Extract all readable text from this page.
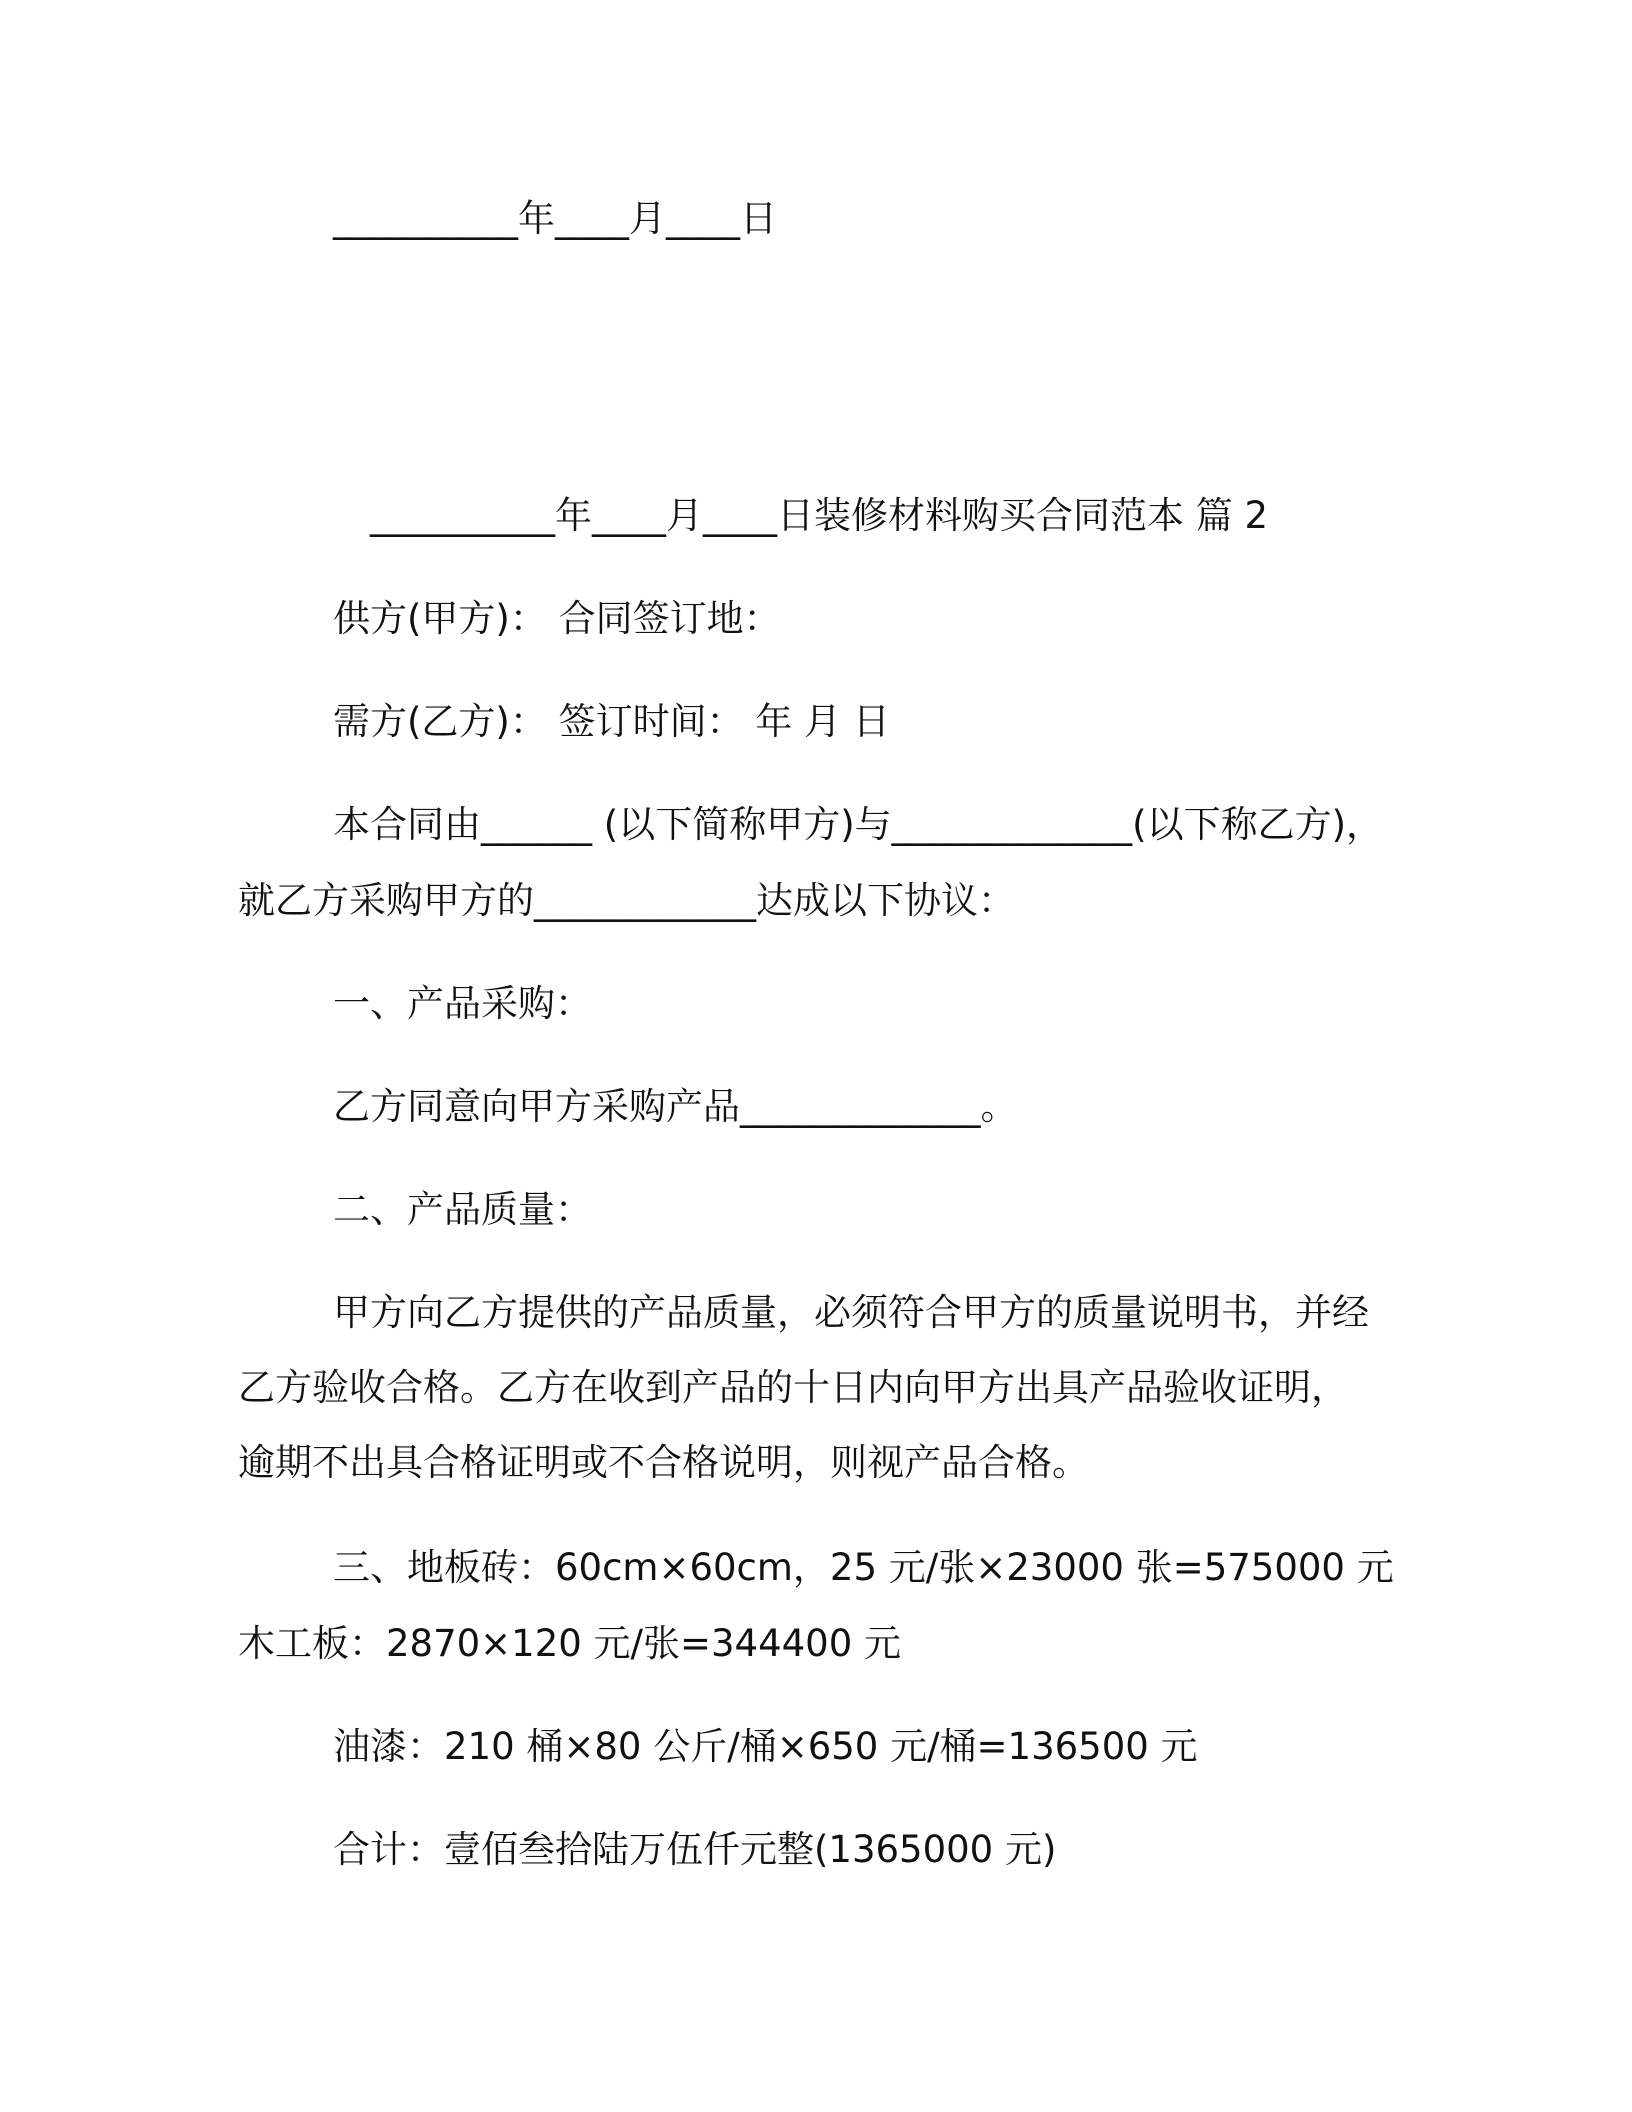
__________年____月____日
__________年____月____日装修材料购买合同范本 篇 2
供方(甲方)： 合同签订地：
需方(乙方)： 签订时间： 年 月 日
本合同由______ (以下简称甲方)与_____________(以下称乙方)，
就乙方采购甲方的____________达成以下协议：
一、产品采购：
乙方同意向甲方采购产品_____________。
二、产品质量：
甲方向乙方提供的产品质量，必须符合甲方的质量说明书，并经
乙方验收合格。乙方在收到产品的十日内向甲方出具产品验收证明，
逾期不出具合格证明或不合格说明，则视产品合格。
三、地板砖：60cm×60cm，25 元/张×23000 张=575000 元
木工板：2870×120 元/张=344400 元
油漆：210 桶×80 公斤/桶×650 元/桶=136500 元
合计：壹佰叁拾陆万伍仟元整(1365000 元)
